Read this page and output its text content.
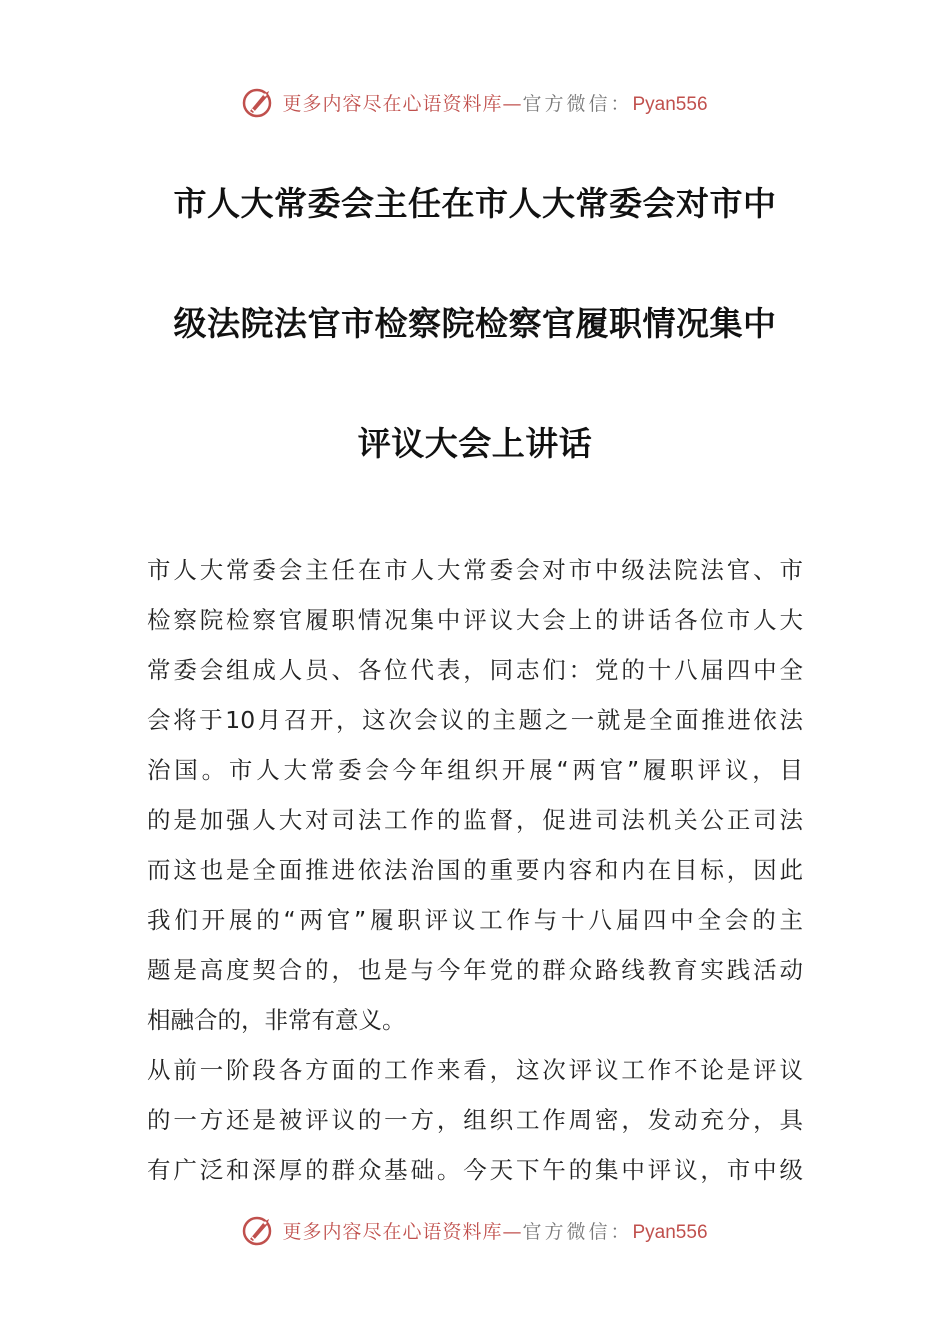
更多内容尽在心语资料库—官方微信：Pyan556
市人大常委会主任在市人大常委会对市中
级法院法官市检察院检察官履职情况集中
评议大会上讲话
市人大常委会主任在市人大常委会对市中级法院法官、市
检察院检察官履职情况集中评议大会上的讲话各位市人大
常委会组成人员、各位代表，同志们：党的十八届四中全
会将于10月召开，这次会议的主题之一就是全面推进依法
治国。市人大常委会今年组织开展“两官”履职评议，目
的是加强人大对司法工作的监督，促进司法机关公正司法
而这也是全面推进依法治国的重要内容和内在目标，因此
我们开展的“两官”履职评议工作与十八届四中全会的主
题是高度契合的，也是与今年党的群众路线教育实践活动
相融合的，非常有意义。
从前一阶段各方面的工作来看，这次评议工作不论是评议
的一方还是被评议的一方，组织工作周密，发动充分，具
有广泛和深厚的群众基础。今天下午的集中评议，市中级
更多内容尽在心语资料库—官方微信：Pyan556
